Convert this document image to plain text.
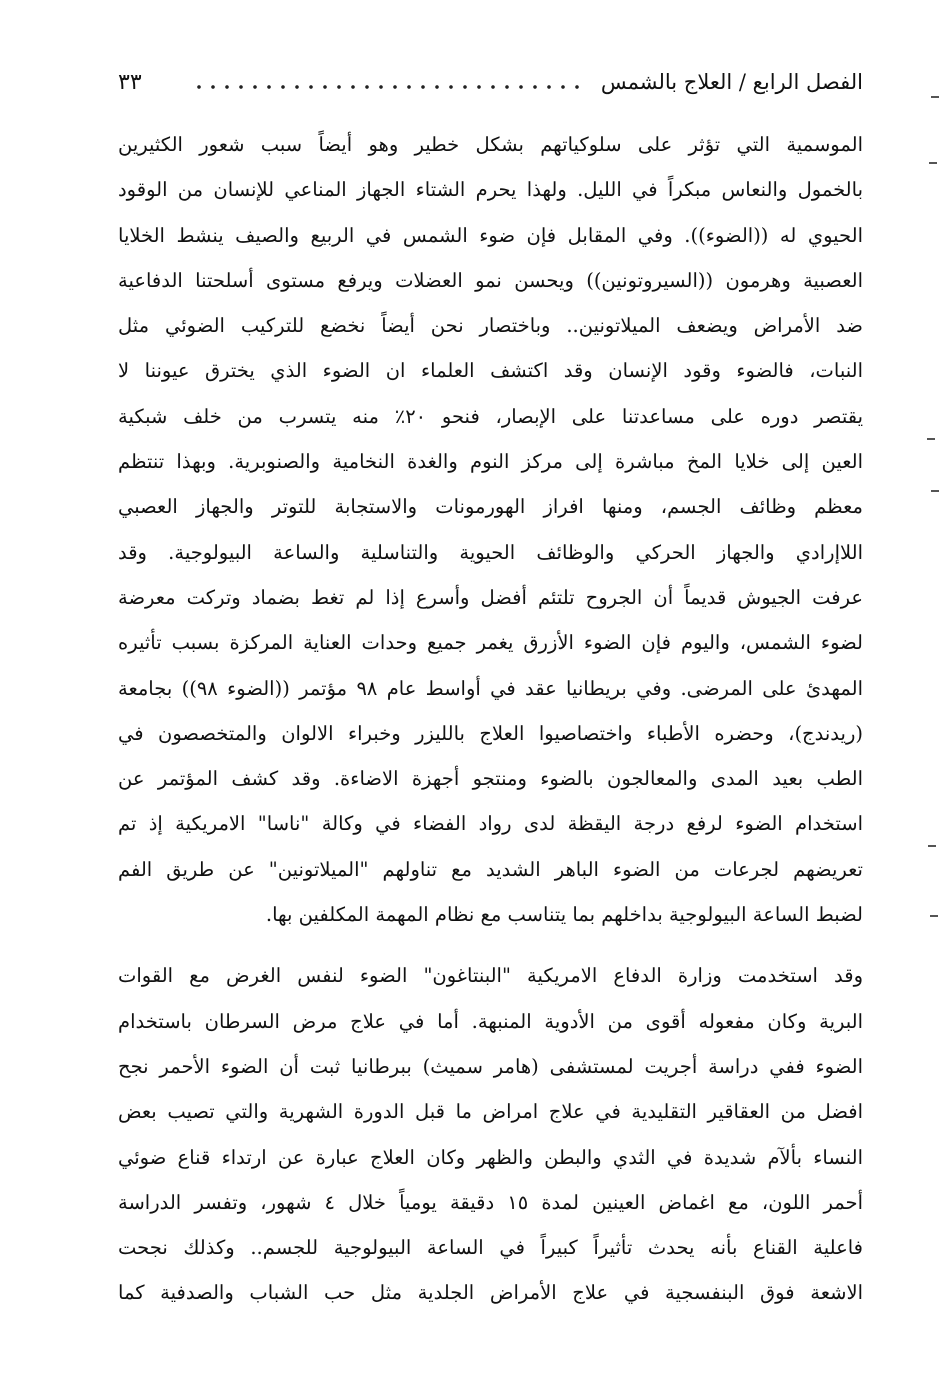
٣٣	الفصل الرابع / العلاج بالشمس
الموسمية التي تؤثر على سلوكياتهم بشكل خطير وهو أيضاً سبب شعور الكثيرين
بالخمول والنعاس مبكراً في الليل. ولهذا يحرم الشتاء الجهاز المناعي للإنسان من الوقود
الحيوي له ((الضوء)). وفي المقابل فإن ضوء الشمس في الربيع والصيف ينشط الخلايا
العصبية وهرمون ((السيروتونين)) ويحسن نمو العضلات ويرفع مستوى أسلحتنا الدفاعية
ضد الأمراض ويضعف الميلاتونين.. وباختصار نحن أيضاً نخضع للتركيب الضوئي مثل
النبات، فالضوء وقود الإنسان وقد اكتشف العلماء ان الضوء الذي يخترق عيوننا لا
يقتصر دوره على مساعدتنا على الإبصار، فنحو ٢٠٪ منه يتسرب من خلف شبكية
العين إلى خلايا المخ مباشرة إلى مركز النوم والغدة النخامية والصنوبرية. وبهذا تنتظم
معظم وظائف الجسم، ومنها افراز الهورمونات والاستجابة للتوتر والجهاز العصبي
اللاإرادي والجهاز الحركي والوظائف الحيوية والتناسلية والساعة البيولوجية. وقد
عرفت الجيوش قديماً أن الجروح تلتئم أفضل وأسرع إذا لم تغط بضماد وتركت معرضة
لضوء الشمس، واليوم فإن الضوء الأزرق يغمر جميع وحدات العناية المركزة بسبب تأثيره
المهدئ على المرضى. وفي بريطانيا عقد في أواسط عام ٩٨ مؤتمر ((الضوء ٩٨)) بجامعة
(ريدندج)، وحضره الأطباء واختصاصيوا العلاج بالليزر وخبراء الالوان والمتخصصون في
الطب بعيد المدى والمعالجون بالضوء ومنتجو أجهزة الاضاءة. وقد كشف المؤتمر عن
استخدام الضوء لرفع درجة اليقظة لدى رواد الفضاء في وكالة "ناسا" الامريكية إذ تم
تعريضهم لجرعات من الضوء الباهر الشديد مع تناولهم "الميلاتونين" عن طريق الفم
لضبط الساعة البيولوجية بداخلهم بما يتناسب مع نظام المهمة المكلفين بها.
وقد استخدمت وزارة الدفاع الامريكية "البنتاغون" الضوء لنفس الغرض مع القوات
البرية وكان مفعوله أقوى من الأدوية المنبهة. أما في علاج مرض السرطان باستخدام
الضوء ففي دراسة أجريت لمستشفى (هامر سميث) ببرطانيا ثبت أن الضوء الأحمر نجح
افضل من العقاقير التقليدية في علاج امراض ما قبل الدورة الشهرية والتي تصيب بعض
النساء بألآم شديدة في الثدي والبطن والظهر وكان العلاج عبارة عن ارتداء قناع ضوئي
أحمر اللون، مع اغماض العينين لمدة ١٥ دقيقة يومياً خلال ٤ شهور، وتفسر الدراسة
فاعلية القناع بأنه يحدث تأثيراً كبيراً في الساعة البيولوجية للجسم.. وكذلك نجحت
الاشعة فوق البنفسجية في علاج الأمراض الجلدية مثل حب الشباب والصدفية كما
